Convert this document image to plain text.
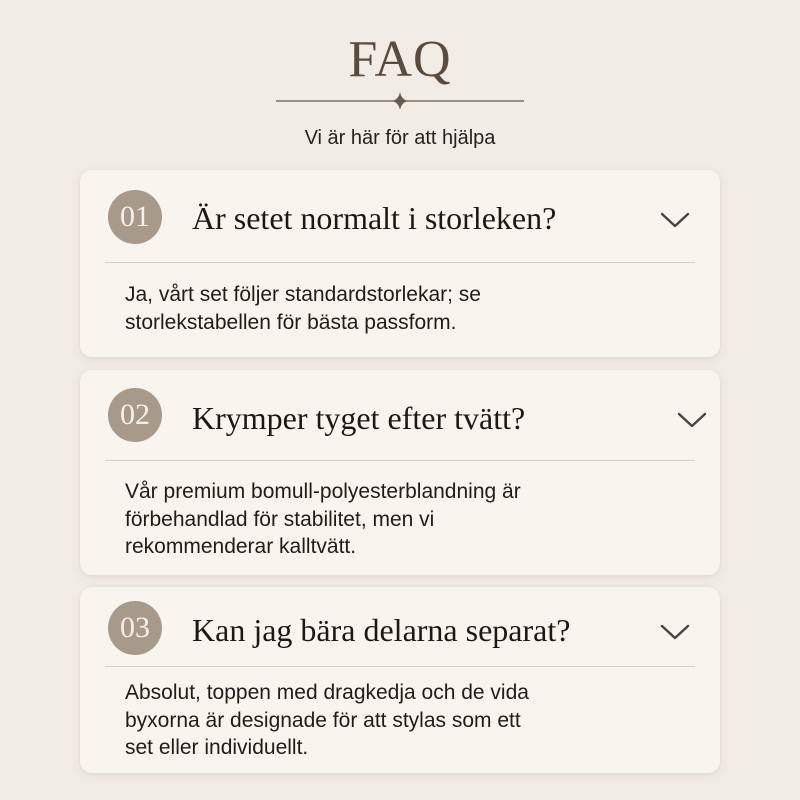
FAQ
Vi är här för att hjälpa
01	Är setet normalt i storleken?
Ja, vårt set följer standardstorlekar; se
storlekstabellen för bästa passform.
02	Krymper tyget efter tvätt?
Vår premium bomull-polyesterblandning är
förbehandlad för stabilitet, men vi
rekommenderar kalltvätt.
03	Kan jag bära delarna separat?
Absolut, toppen med dragkedja och de vida
byxorna är designade för att stylas som ett
set eller individuellt.
